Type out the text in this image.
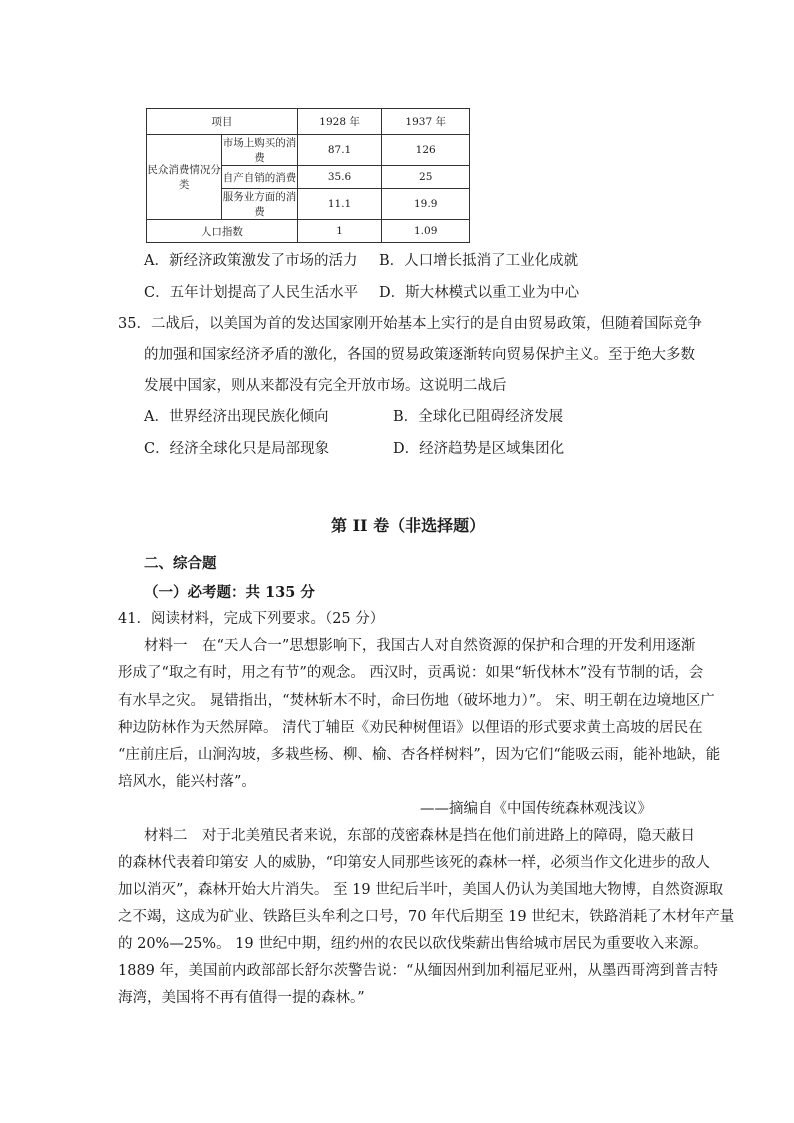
项目		1928 年	1937 年
民众消费情况分类	市场上购买的消费	87.1	126
	自产自销的消费	35.6	25
	服务业方面的消费	11.1	19.9
人口指数		1	1.09
A．新经济政策激发了市场的活力 B．人口增长抵消了工业化成就
C．五年计划提高了人民生活水平 D．斯大林模式以重工业为中心
35．二战后，以美国为首的发达国家刚开始基本上实行的是自由贸易政策，但随着国际竞争
的加强和国家经济矛盾的激化，各国的贸易政策逐渐转向贸易保护主义。至于绝大多数
发展中国家，则从来都没有完全开放市场。这说明二战后
A．世界经济出现民族化倾向	B．全球化已阻碍经济发展
C．经济全球化只是局部现象	D．经济趋势是区域集团化
第 II 卷（非选择题）
二、综合题
（一）必考题：共 135 分
41．阅读材料，完成下列要求。（25 分）
材料一　在“天人合一”思想影响下，我国古人对自然资源的保护和合理的开发利用逐渐
形成了“取之有时，用之有节”的观念。 西汉时，贡禹说：如果“斩伐林木”没有节制的话，会
有水旱之灾。 晁错指出，“焚林斩木不时，命曰伤地（破坏地力）”。 宋、明王朝在边境地区广
种边防林作为天然屏障。 清代丁辅臣《劝民种树俚语》以俚语的形式要求黄土高坡的居民在
“庄前庄后，山涧沟坡，多栽些杨、柳、榆、杏各样树料”，因为它们“能吸云雨，能补地缺，能
培风水，能兴村落”。
——摘编自《中国传统森林观浅议》
材料二　对于北美殖民者来说，东部的茂密森林是挡在他们前进路上的障碍，隐天蔽日
的森林代表着印第安 人的威胁，“印第安人同那些该死的森林一样，必须当作文化进步的敌人
加以消灭”，森林开始大片消失。 至 19 世纪后半叶，美国人仍认为美国地大物博，自然资源取
之不竭，这成为矿业、铁路巨头牟利之口号，70 年代后期至 19 世纪末，铁路消耗了木材年产量
的 20%—25%。 19 世纪中期，纽约州的农民以砍伐柴薪出售给城市居民为重要收入来源。
1889 年，美国前内政部部长舒尔茨警告说：“从缅因州到加利福尼亚州，从墨西哥湾到普吉特
海湾，美国将不再有值得一提的森林。”
